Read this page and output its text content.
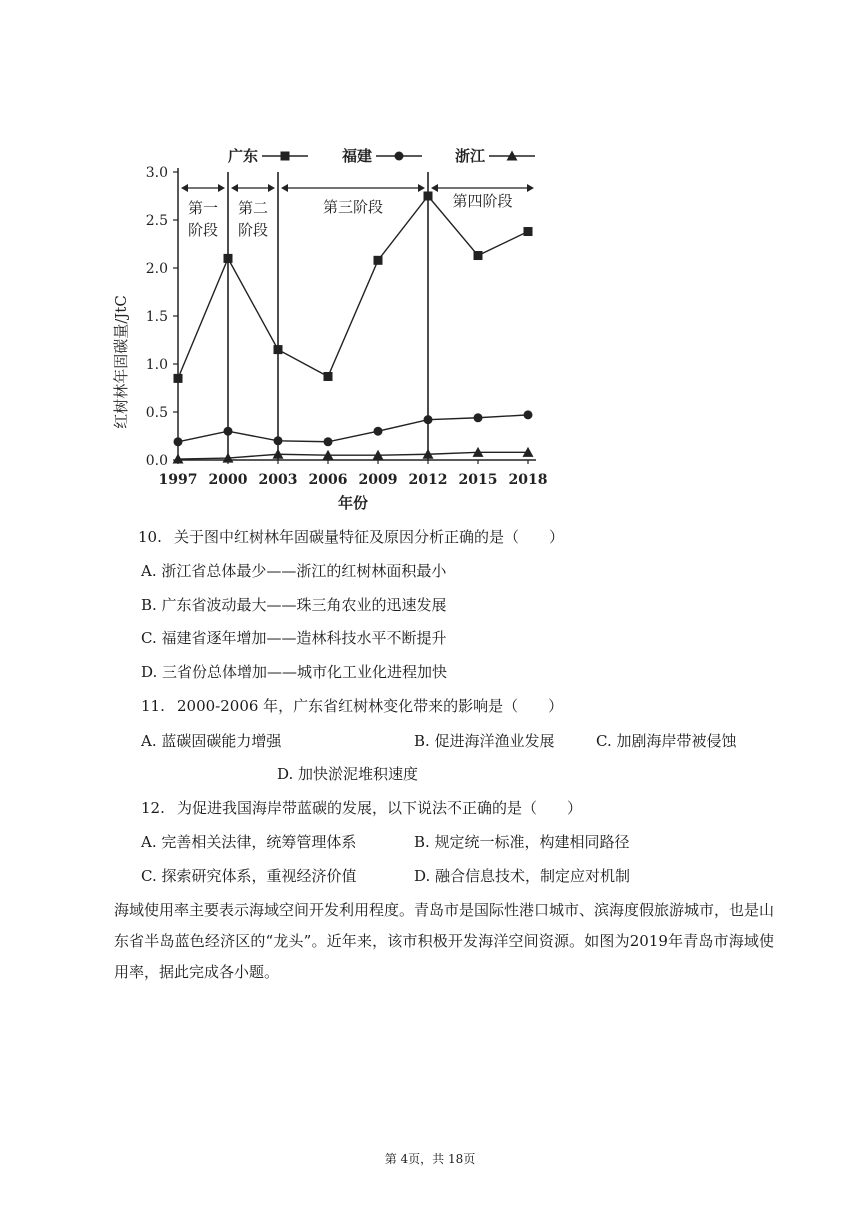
0.0
0.5
1.0
1.5
2.0
2.5
3.0
1997 2000 2003 2006 2009 2012 2015 2018
第一
阶段
第二
阶段
第三阶段	第四阶段
广东	福建	浙江
红树林年固碳量/JtC
年份
10. 关于图中红树林年固碳量特征及原因分析正确的是（　　）
A. 浙江省总体最少——浙江的红树林面积最小
B. 广东省波动最大——珠三角农业的迅速发展
C. 福建省逐年增加——造林科技水平不断提升
D. 三省份总体增加——城市化工业化进程加快
11. 2000-2006 年，广东省红树林变化带来的影响是（　　）
A. 蓝碳固碳能力增强	B. 促进海洋渔业发展	C. 加剧海岸带被侵蚀
D. 加快淤泥堆积速度
12. 为促进我国海岸带蓝碳的发展，以下说法不正确的是（　　）
A. 完善相关法律，统筹管理体系	B. 规定统一标准，构建相同路径
C. 探索研究体系，重视经济价值	D. 融合信息技术，制定应对机制
海域使用率主要表示海域空间开发利用程度。青岛市是国际性港口城市、滨海度假旅游城市，也是山东省半岛蓝色经济区的“龙头”。近年来，该市积极开发海洋空间资源。如图为2019年青岛市海域使用率，据此完成各小题。
第 4页，共 18页
